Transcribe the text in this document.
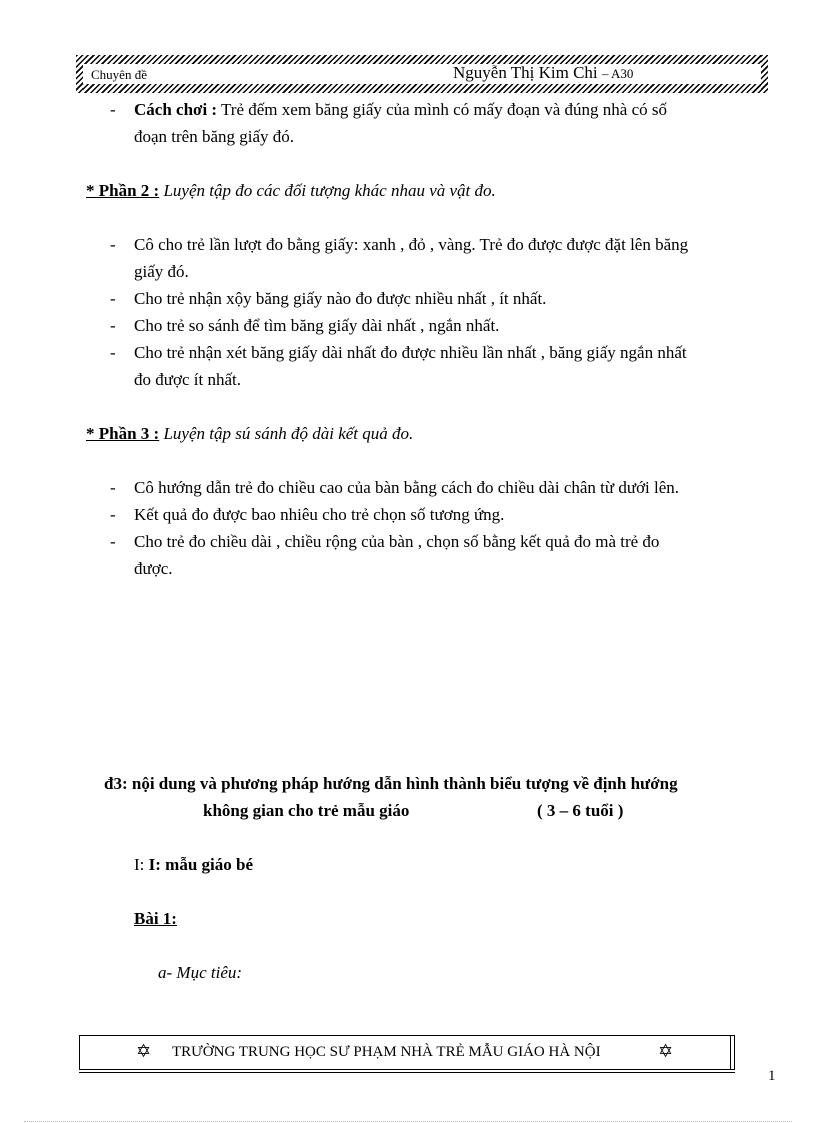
Chuyên đề	Nguyễn Thị Kim Chi – A30
- Cách chơi : Trẻ đếm xem băng giấy của mình có mấy đoạn và đúng nhà có số
đoạn trên băng giấy đó.
* Phần 2 : Luyện tập đo các đối tượng khác nhau và vật đo.
- Cô cho trẻ lần lượt đo bằng giấy: xanh , đỏ , vàng. Trẻ đo được được đặt lên băng
giấy đó.
- Cho trẻ nhận xộy băng giấy nào đo được nhiều nhất , ít nhất.
- Cho trẻ so sánh để tìm băng giấy dài nhất , ngắn nhất.
- Cho trẻ nhận xét băng giấy dài nhất đo được nhiều lần nhất , băng giấy ngắn nhất
đo được ít nhất.
* Phần 3 : Luyện tập sú sánh độ dài kết quả đo.
- Cô hướng dẫn trẻ đo chiều cao của bàn bằng cách đo chiều dài chân từ dưới lên.
- Kết quả đo được bao nhiêu cho trẻ chọn số tương ứng.
- Cho trẻ đo chiều dài , chiều rộng của bàn , chọn số bằng kết quả đo mà trẻ đo
được.
đ3: nội dung và phương pháp hướng dẫn hình thành biểu tượng về định hướng
không gian cho trẻ mẫu giáo	( 3 – 6 tuổi )
I: I: mẫu giáo bé
Bài 1:
a- Mục tiêu:
✡ TRƯỜNG TRUNG HỌC SƯ PHẠM NHÀ TRẺ MẪU GIÁO HÀ NỘI	✡
1
